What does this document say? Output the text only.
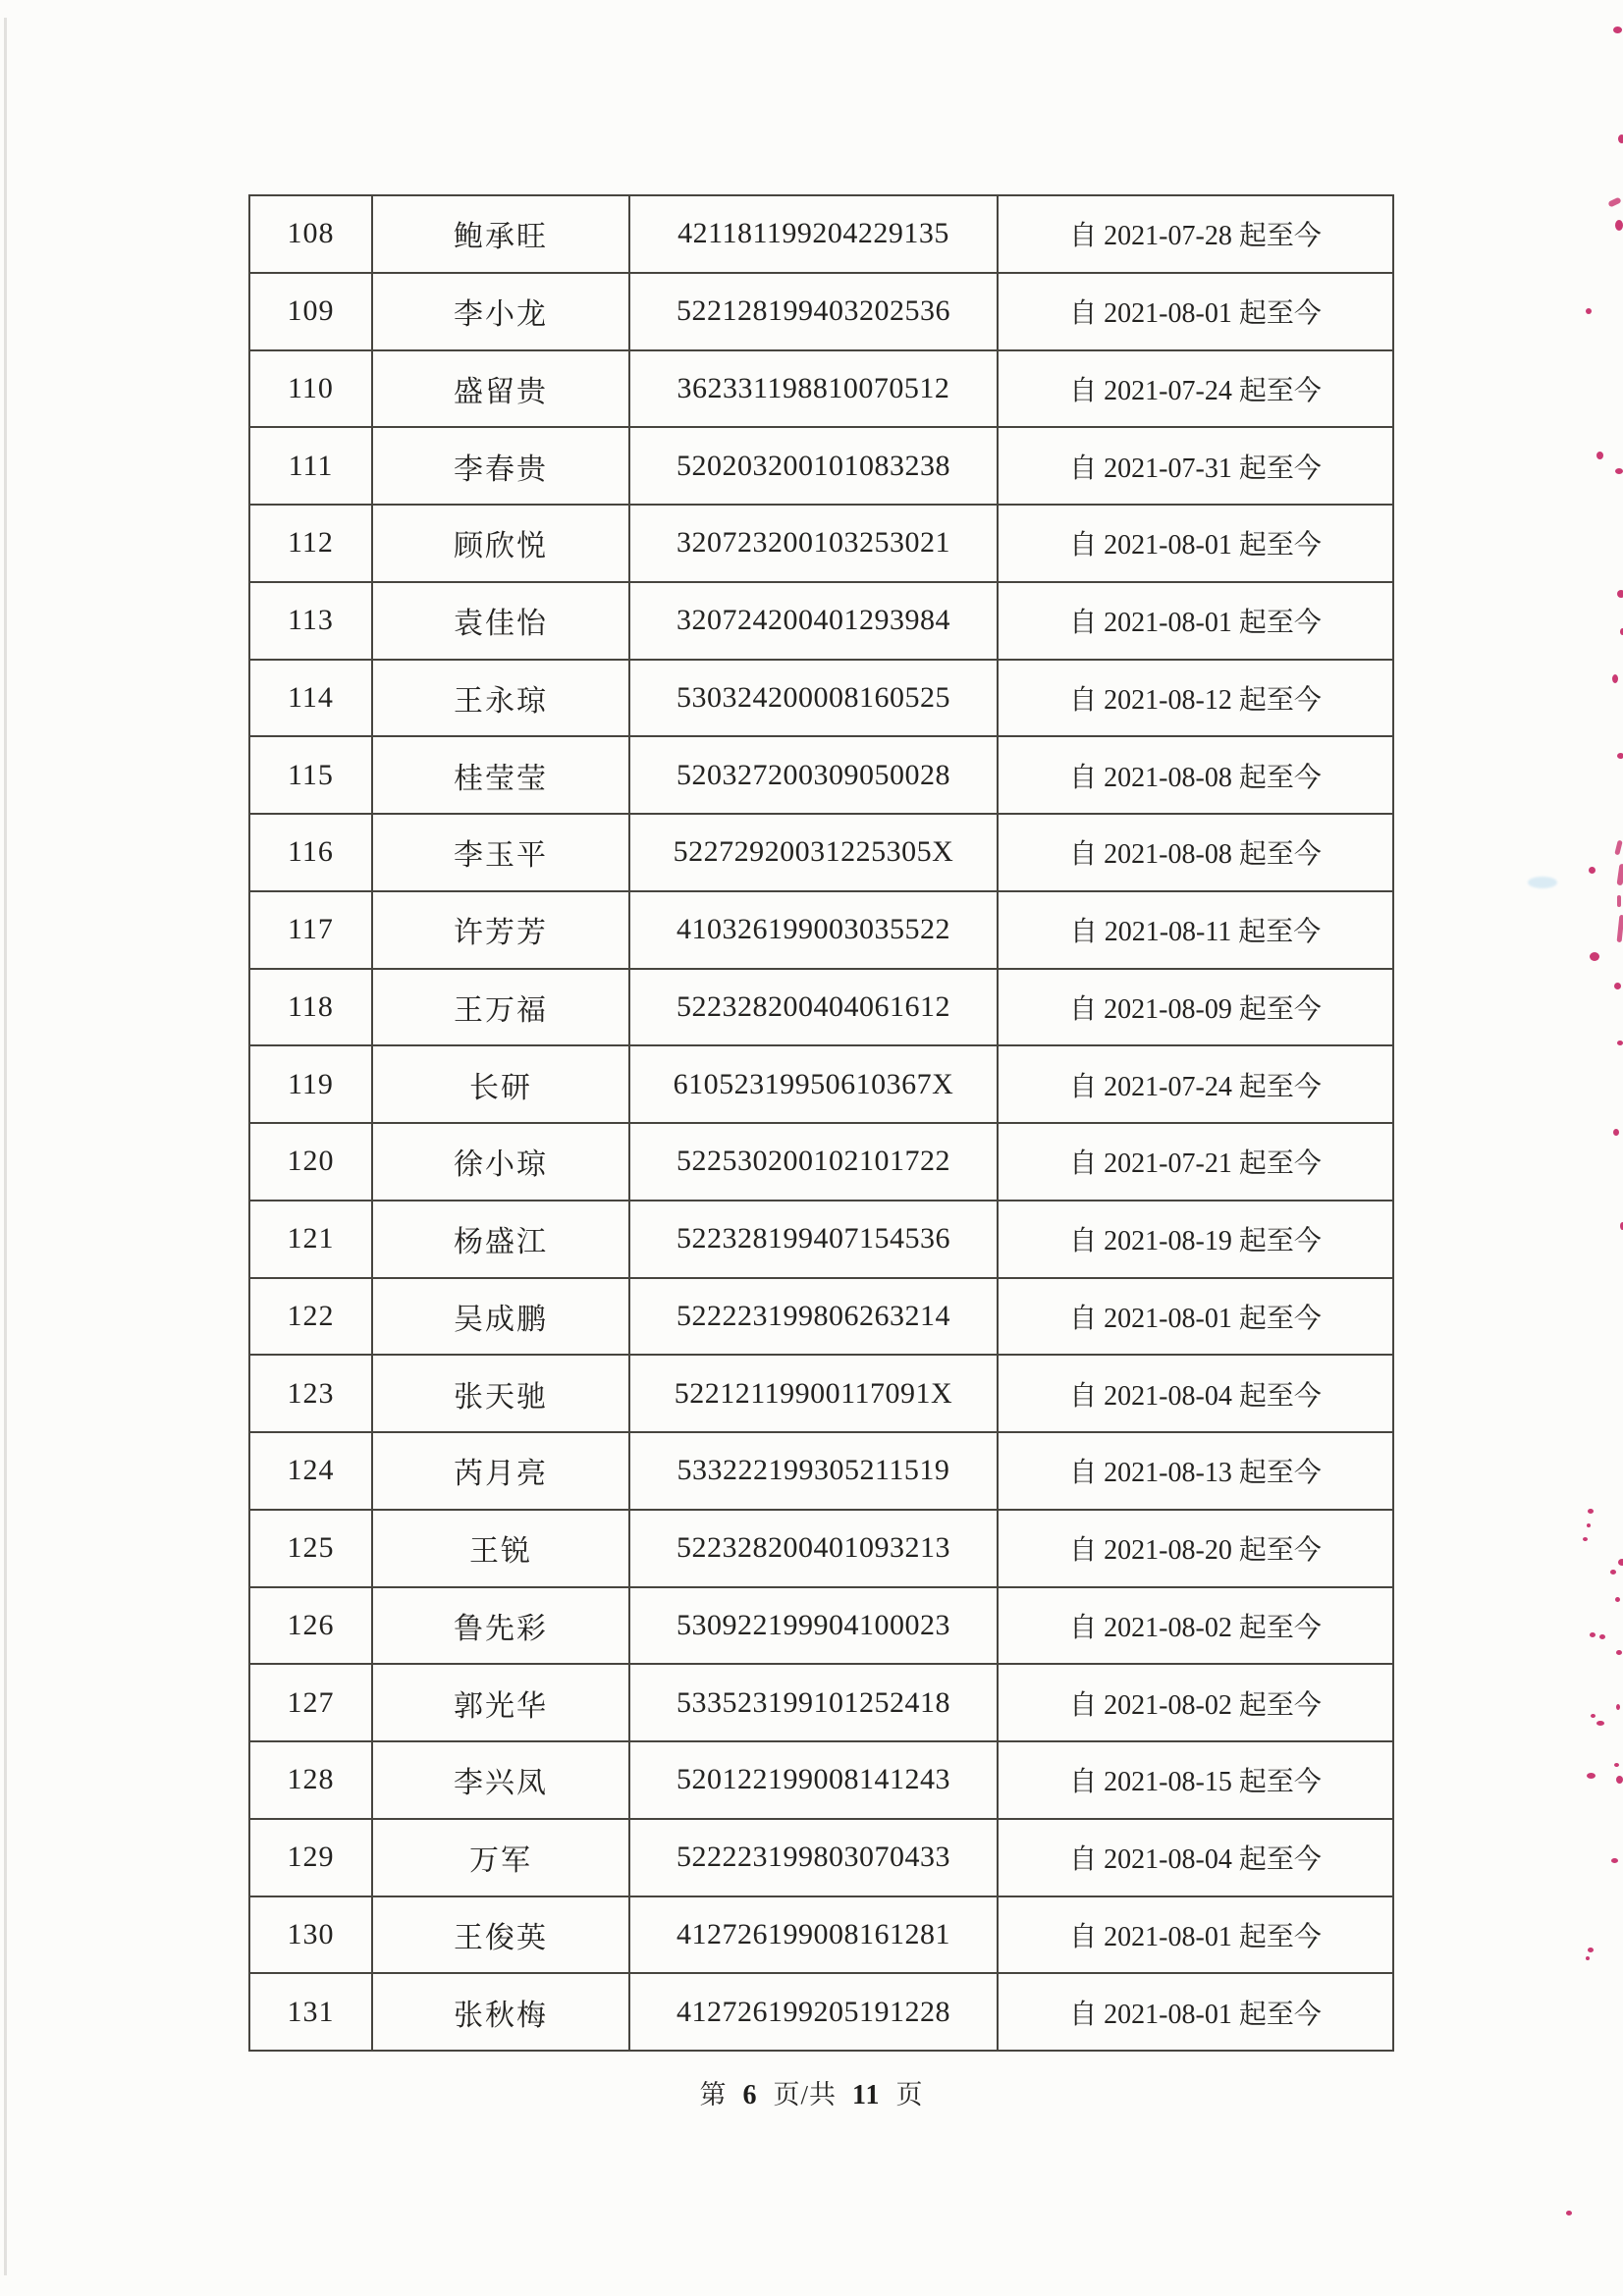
108	鲍承旺	421181199204229135	自 2021-07-28 起至今
109	李小龙	522128199403202536	自 2021-08-01 起至今
110	盛留贵	362331198810070512	自 2021-07-24 起至今
111	李春贵	520203200101083238	自 2021-07-31 起至今
112	顾欣悦	320723200103253021	自 2021-08-01 起至今
113	袁佳怡	320724200401293984	自 2021-08-01 起至今
114	王永琼	530324200008160525	自 2021-08-12 起至今
115	桂莹莹	520327200309050028	自 2021-08-08 起至今
116	李玉平	52272920031225305X	自 2021-08-08 起至今
117	许芳芳	410326199003035522	自 2021-08-11 起至今
118	王万福	522328200404061612	自 2021-08-09 起至今
119	长研	61052319950610367X	自 2021-07-24 起至今
120	徐小琼	522530200102101722	自 2021-07-21 起至今
121	杨盛江	522328199407154536	自 2021-08-19 起至今
122	吴成鹏	522223199806263214	自 2021-08-01 起至今
123	张天驰	52212119900117091X	自 2021-08-04 起至今
124	芮月亮	533222199305211519	自 2021-08-13 起至今
125	王锐	522328200401093213	自 2021-08-20 起至今
126	鲁先彩	530922199904100023	自 2021-08-02 起至今
127	郭光华	533523199101252418	自 2021-08-02 起至今
128	李兴凤	520122199008141243	自 2021-08-15 起至今
129	万军	522223199803070433	自 2021-08-04 起至今
130	王俊英	412726199008161281	自 2021-08-01 起至今
131	张秋梅	412726199205191228	自 2021-08-01 起至今
第 6 页/共 11 页
